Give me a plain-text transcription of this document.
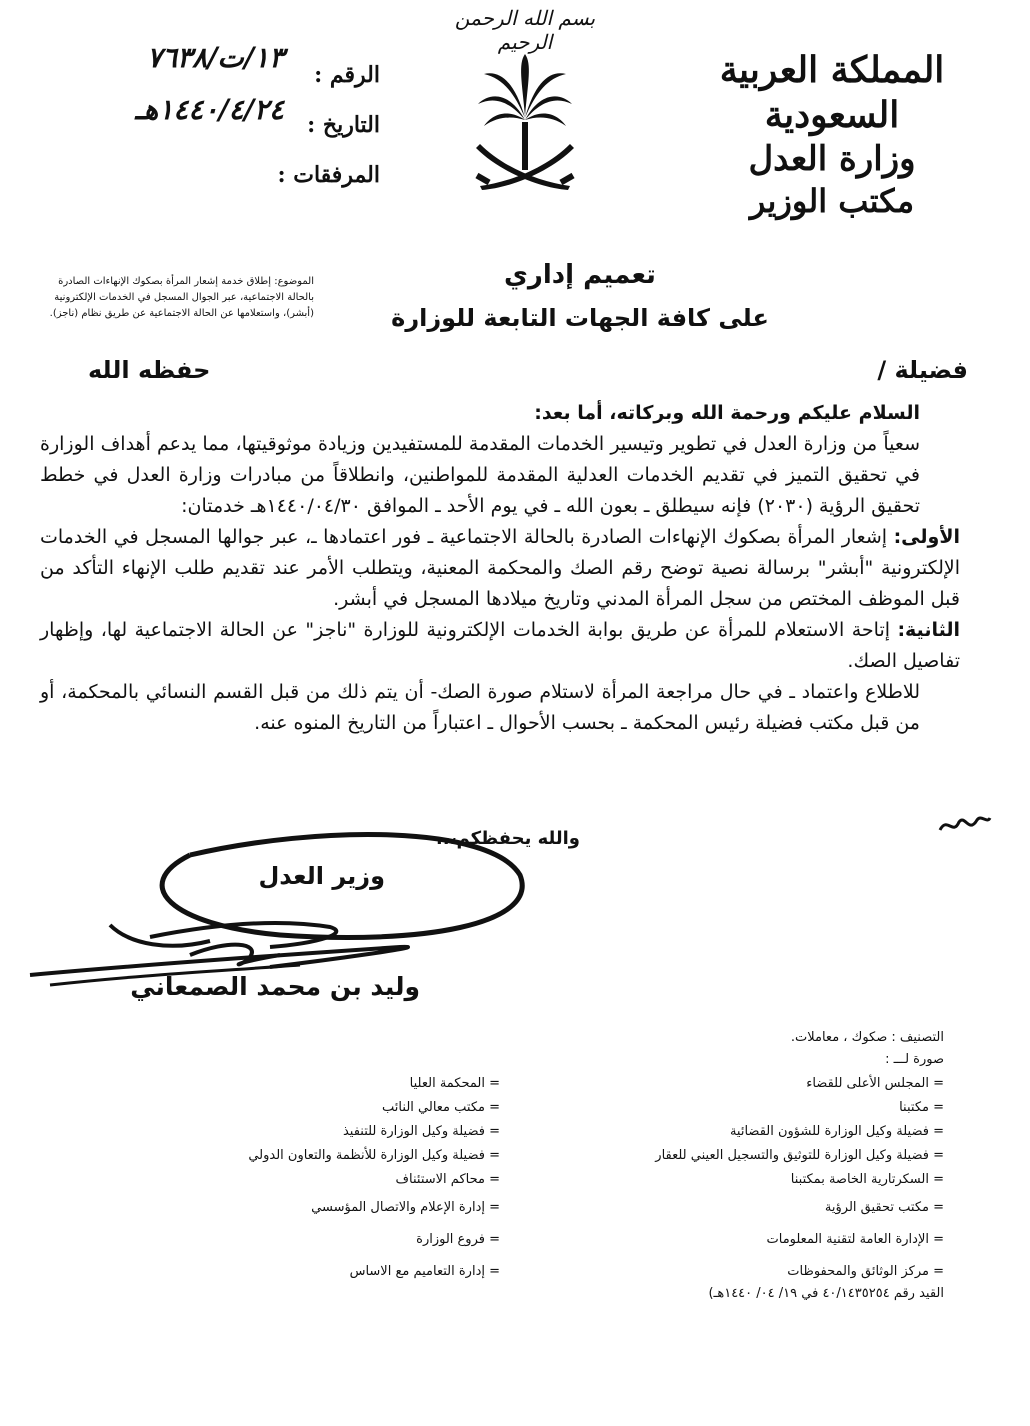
بسم الله الرحمن الرحيم
المملكة العربية السعودية
وزارة العدل
مكتب الوزير
الرقم :
التاريخ :
المرفقات :
١٣/ت/٧٦٣٨
١٤٤٠/٤/٢٤هـ
الموضوع: إطلاق خدمة إشعار المرأة بصكوك الإنهاءات الصادرة بالحالة الاجتماعية، عبر الجوال المسجل في الخدمات الإلكترونية (أبشر)، واستعلامها عن الحالة الاجتماعية عن طريق نظام (ناجز).
تعميم إداري
على كافة الجهات التابعة للوزارة
فضيلة /
حفظه الله

السلام عليكم ورحمة الله وبركاته، أما بعد:

سعياً من وزارة العدل في تطوير وتيسير الخدمات المقدمة للمستفيدين وزيادة موثوقيتها، مما يدعم أهداف الوزارة في تحقيق التميز في تقديم الخدمات العدلية المقدمة للمواطنين، وانطلاقاً من مبادرات وزارة العدل في خطط تحقيق الرؤية (٢٠٣٠) فإنه سيطلق ـ بعون الله ـ في يوم الأحد ـ الموافق ١٤٤٠/٠٤/٣٠هـ خدمتان:

الأولى: إشعار المرأة بصكوك الإنهاءات الصادرة بالحالة الاجتماعية ـ فور اعتمادها ـ، عبر جوالها المسجل في الخدمات الإلكترونية "أبشر" برسالة نصية توضح رقم الصك والمحكمة المعنية، ويتطلب الأمر عند تقديم طلب الإنهاء التأكد من قبل الموظف المختص من سجل المرأة المدني وتاريخ ميلادها المسجل في أبشر.

الثانية: إتاحة الاستعلام للمرأة عن طريق بوابة الخدمات الإلكترونية للوزارة "ناجز" عن الحالة الاجتماعية لها، وإظهار تفاصيل الصك.

للاطلاع واعتماد ـ في حال مراجعة المرأة لاستلام صورة الصك- أن يتم ذلك من قبل القسم النسائي بالمحكمة، أو من قبل مكتب فضيلة رئيس المحكمة ـ بحسب الأحوال ـ اعتباراً من التاريخ المنوه عنه.

والله يحفظكم،،،
وزير العدل
وليد بن محمد الصمعاني
التصنيف : صكوك ، معاملات.
صورة لـــ :
= المجلس الأعلى للقضاء
= مكتبنا
= فضيلة وكيل الوزارة للشؤون القضائية
= فضيلة وكيل الوزارة للتوثيق والتسجيل العيني للعقار
= السكرتارية الخاصة بمكتبنا
= مكتب تحقيق الرؤية
= الإدارة العامة لتقنية المعلومات
= مركز الوثائق والمحفوظات
= المحكمة العليا
= مكتب معالي النائب
= فضيلة وكيل الوزارة للتنفيذ
= فضيلة وكيل الوزارة للأنظمة والتعاون الدولي
= محاكم الاستئناف
= إدارة الإعلام والاتصال المؤسسي
= فروع الوزارة
= إدارة التعاميم مع الاساس
القيد رقم ٤٠/١٤٣٥٢٥٤ في ١٩/ ٠٤/ ١٤٤٠هـ)
